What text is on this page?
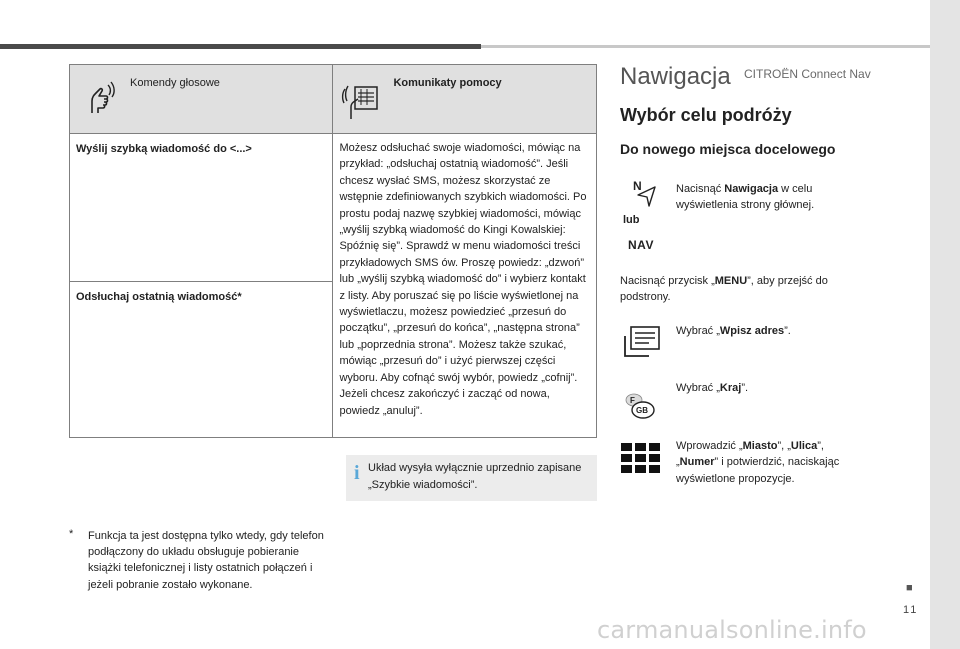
CITROËN Connect Nav
Komendy głosowe	Komunikaty pomocy

Wyślij szybką wiadomość do <...>	Możesz odsłuchać swoje wiadomości, mówiąc na przykład: „odsłuchaj ostatnią wiadomość”. Jeśli chcesz wysłać SMS, możesz skorzystać ze wstępnie zdefiniowanych szybkich wiadomości. Po prostu podaj nazwę szybkiej wiadomości, mówiąc „wyślij szybką wiadomość do Kingi Kowalskiej: Spóźnię się”. Sprawdź w menu wiadomości treści przykładowych SMS ów. Proszę powiedz: „dzwoń” lub „wyślij szybką wiadomość do” i wybierz kontakt z listy. Aby poruszać się po liście wyświetlonej na wyświetlaczu, możesz powiedzieć „przesuń do początku”, „przesuń do końca”, „następna strona” lub „poprzednia strona”. Możesz także szukać, mówiąc „przesuń do” i użyć pierwszej części wyboru. Aby cofnąć swój wybór, powiedz „cofnij”. Jeżeli chcesz zakończyć i zacząć od nowa, powiedz „anuluj”.
Odsłuchaj ostatnią wiadomość*	
i Układ wysyła wyłącznie uprzednio zapisane „Szybkie wiadomości”.
* Funkcja ta jest dostępna tylko wtedy, gdy telefon podłączony do układu obsługuje pobieranie książki telefonicznej i listy ostatnich połączeń i jeżeli pobranie zostało wykonane.
Nawigacja
Wybór celu podróży
Do nowego miejsca docelowego
N
lub
NAV
Nacisnąć Nawigacja w celu wyświetlenia strony głównej.
Nacisnąć przycisk „MENU”, aby przejść do podstrony.
Wybrać „Wpisz adres”.
F
GB
Wybrać „Kraj”.
Wprowadzić „Miasto”, „Ulica”, „Numer” i potwierdzić, naciskając wyświetlone propozycje.
■
11
carmanualsonline.info
